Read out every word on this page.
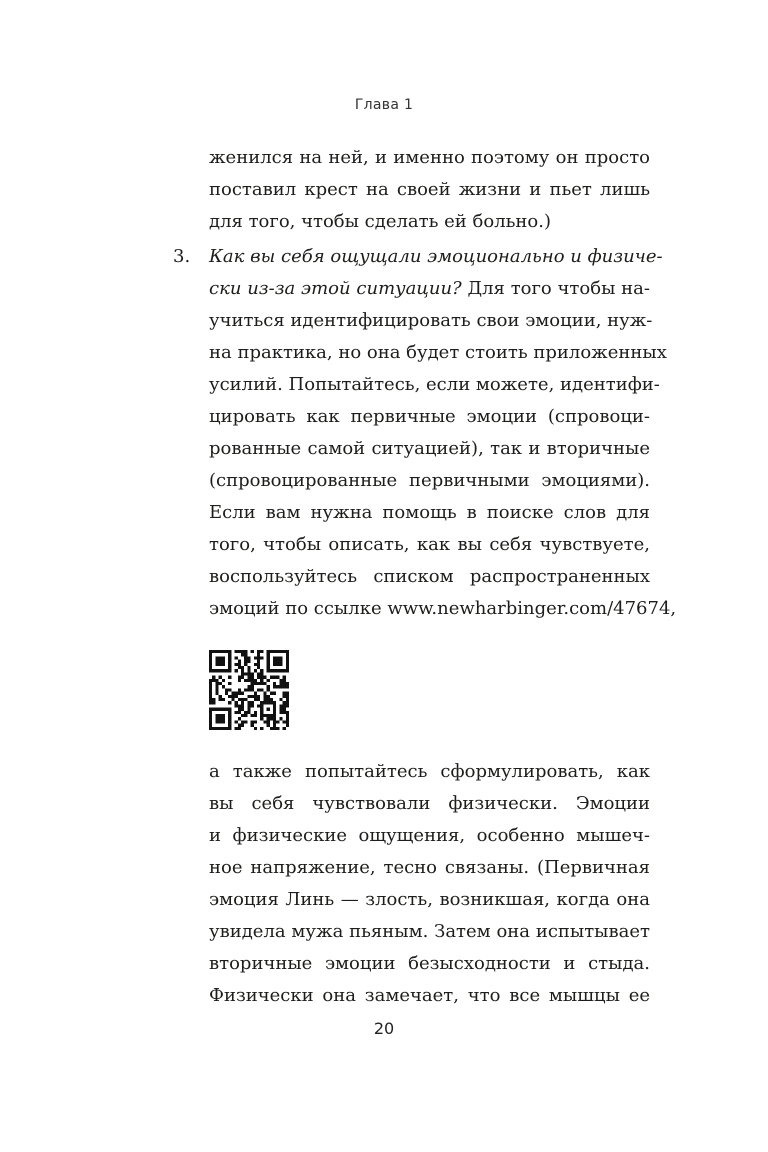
Глава 1
женился на ней, и именно поэтому он просто
поставил крест на своей жизни и пьет лишь
для того, чтобы сделать ей больно.)
3.	Как вы себя ощущали эмоционально и физиче-
ски из-за этой ситуации? Для того чтобы на-
учиться идентифицировать свои эмоции, нуж-
на практика, но она будет стоить приложенных
усилий. Попытайтесь, если можете, идентифи-
цировать как первичные эмоции (спровоци-
рованные самой ситуацией), так и вторичные
(спровоцированные первичными эмоциями).
Если вам нужна помощь в поиске слов для
того, чтобы описать, как вы себя чувствуете,
воспользуйтесь списком распространенных
эмоций по ссылке www.newharbinger.com/47674,
а также попытайтесь сформулировать, как
вы себя чувствовали физически. Эмоции
и физические ощущения, особенно мышеч-
ное напряжение, тесно связаны. (Первичная
эмоция Линь — злость, возникшая, когда она
увидела мужа пьяным. Затем она испытывает
вторичные эмоции безысходности и стыда.
Физически она замечает, что все мышцы ее
20
